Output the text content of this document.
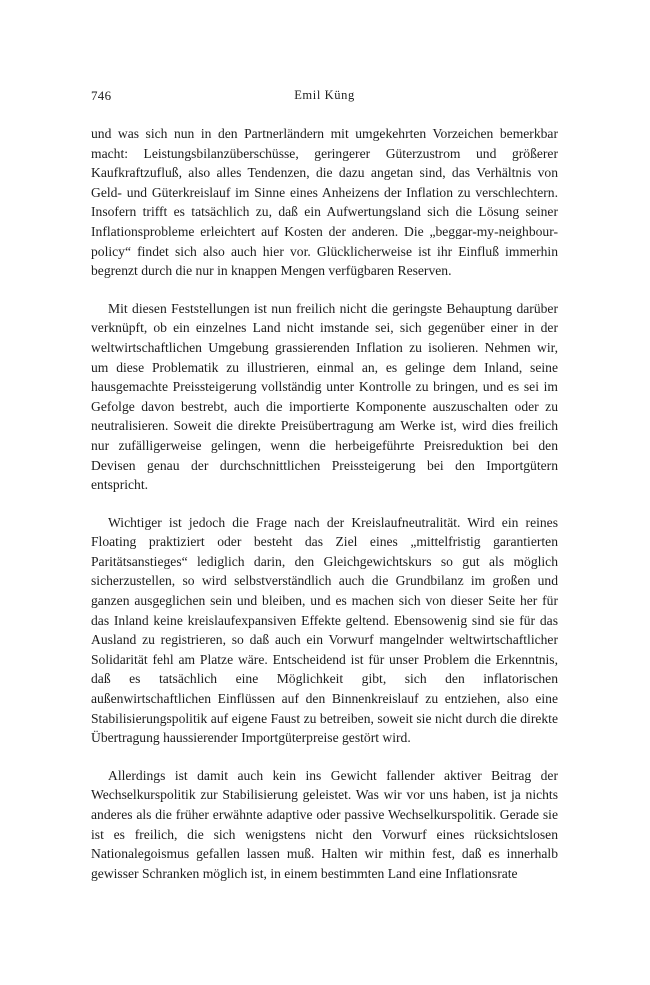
746	Emil Küng

und was sich nun in den Partnerländern mit umgekehrten Vorzeichen bemerkbar macht: Leistungsbilanzüberschüsse, geringerer Güterzustrom und größerer Kaufkraftzufluß, also alles Tendenzen, die dazu angetan sind, das Verhältnis von Geld- und Güterkreislauf im Sinne eines Anheizens der Inflation zu verschlechtern. Insofern trifft es tatsächlich zu, daß ein Aufwertungsland sich die Lösung seiner Inflationsprobleme erleichtert auf Kosten der anderen. Die „beggar-my-neighbour-policy“ findet sich also auch hier vor. Glücklicherweise ist ihr Einfluß immerhin begrenzt durch die nur in knappen Mengen verfügbaren Reserven.

Mit diesen Feststellungen ist nun freilich nicht die geringste Behauptung darüber verknüpft, ob ein einzelnes Land nicht imstande sei, sich gegenüber einer in der weltwirtschaftlichen Umgebung grassierenden Inflation zu isolieren. Nehmen wir, um diese Problematik zu illustrieren, einmal an, es gelinge dem Inland, seine hausgemachte Preissteigerung vollständig unter Kontrolle zu bringen, und es sei im Gefolge davon bestrebt, auch die importierte Komponente auszuschalten oder zu neutralisieren. Soweit die direkte Preisübertragung am Werke ist, wird dies freilich nur zufälligerweise gelingen, wenn die herbeigeführte Preisreduktion bei den Devisen genau der durchschnittlichen Preissteigerung bei den Importgütern entspricht.

Wichtiger ist jedoch die Frage nach der Kreislaufneutralität. Wird ein reines Floating praktiziert oder besteht das Ziel eines „mittelfristig garantierten Paritätsanstieges“ lediglich darin, den Gleichgewichtskurs so gut als möglich sicherzustellen, so wird selbstverständlich auch die Grundbilanz im großen und ganzen ausgeglichen sein und bleiben, und es machen sich von dieser Seite her für das Inland keine kreislaufexpansiven Effekte geltend. Ebensowenig sind sie für das Ausland zu registrieren, so daß auch ein Vorwurf mangelnder weltwirtschaftlicher Solidarität fehl am Platze wäre. Entscheidend ist für unser Problem die Erkenntnis, daß es tatsächlich eine Möglichkeit gibt, sich den inflatorischen außenwirtschaftlichen Einflüssen auf den Binnenkreislauf zu entziehen, also eine Stabilisierungspolitik auf eigene Faust zu betreiben, soweit sie nicht durch die direkte Übertragung haussierender Importgüterpreise gestört wird.

Allerdings ist damit auch kein ins Gewicht fallender aktiver Beitrag der Wechselkurspolitik zur Stabilisierung geleistet. Was wir vor uns haben, ist ja nichts anderes als die früher erwähnte adaptive oder passive Wechselkurspolitik. Gerade sie ist es freilich, die sich wenigstens nicht den Vorwurf eines rücksichtslosen Nationalegoismus gefallen lassen muß. Halten wir mithin fest, daß es innerhalb gewisser Schranken möglich ist, in einem bestimmten Land eine Inflationsrate
